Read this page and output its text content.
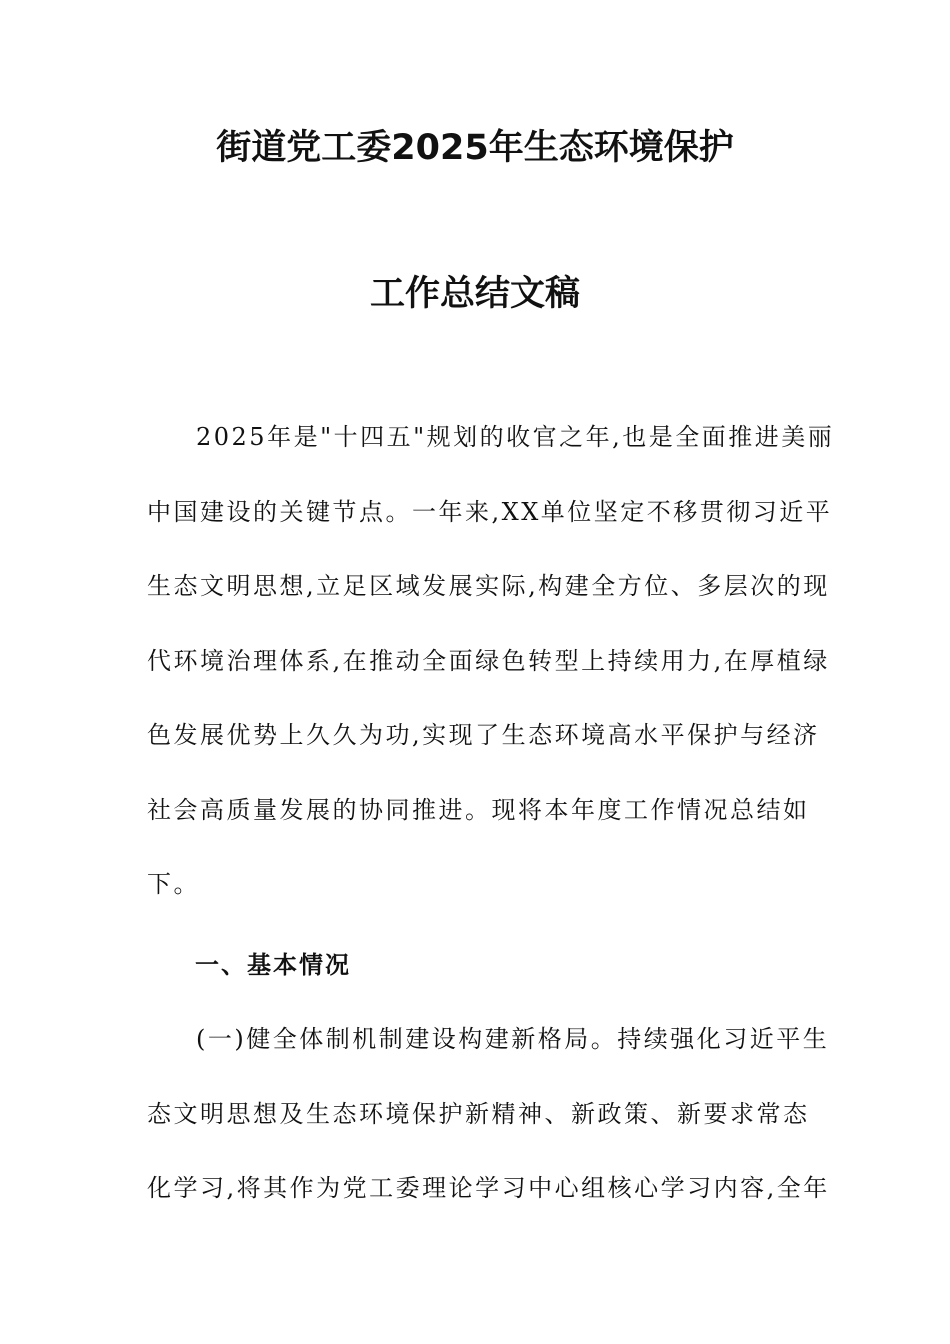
街道党工委2025年生态环境保护
工作总结文稿
2025年是"十四五"规划的收官之年,也是全面推进美丽
中国建设的关键节点。一年来,XX单位坚定不移贯彻习近平
生态文明思想,立足区域发展实际,构建全方位、多层次的现
代环境治理体系,在推动全面绿色转型上持续用力,在厚植绿
色发展优势上久久为功,实现了生态环境高水平保护与经济
社会高质量发展的协同推进。现将本年度工作情况总结如
下。
一、基本情况
(一)健全体制机制建设构建新格局。持续强化习近平生
态文明思想及生态环境保护新精神、新政策、新要求常态
化学习,将其作为党工委理论学习中心组核心学习内容,全年
